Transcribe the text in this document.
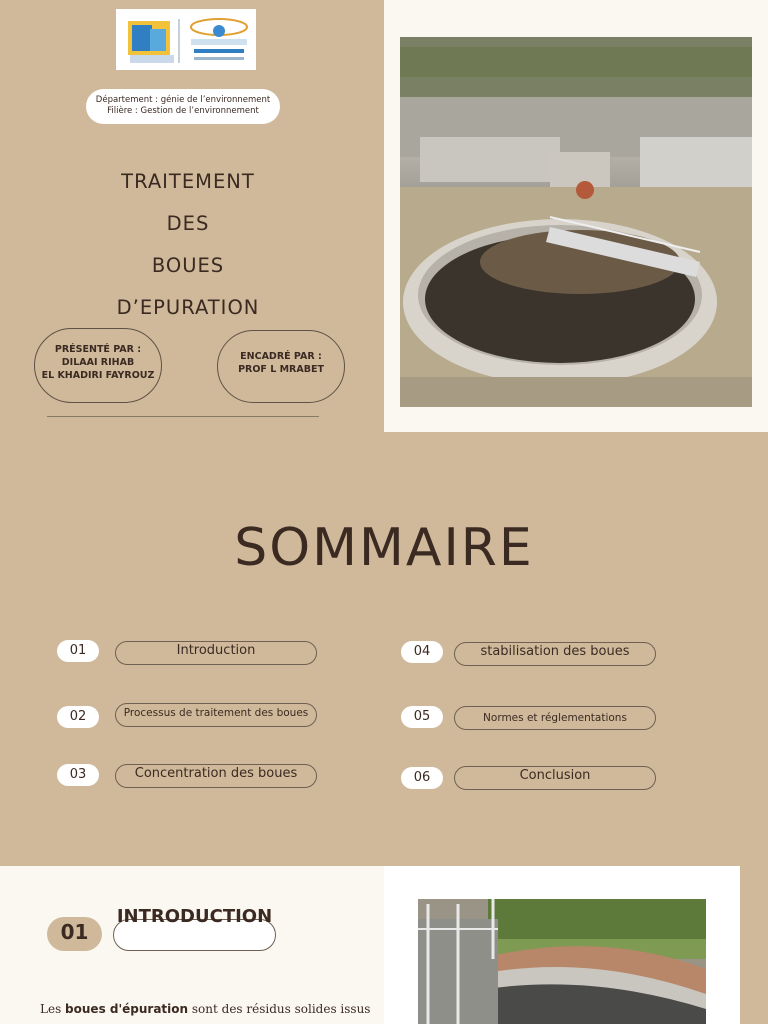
Département : génie de l’environnement
Filière : Gestion de l’environnement
TRAITEMENT
DES
BOUES
D’EPURATION
PRÉSENTÉ PAR :
DILAAI RIHAB
EL KHADIRI FAYROUZ
ENCADRÉ PAR :
PROF L MRABET
SOMMAIRE
01	Introduction
02	Processus de traitement des boues
03	Concentration des boues
04	stabilisation des boues
05	Normes et réglementations
06	Conclusion
01
INTRODUCTION
Les boues d'épuration sont des résidus solides issus
